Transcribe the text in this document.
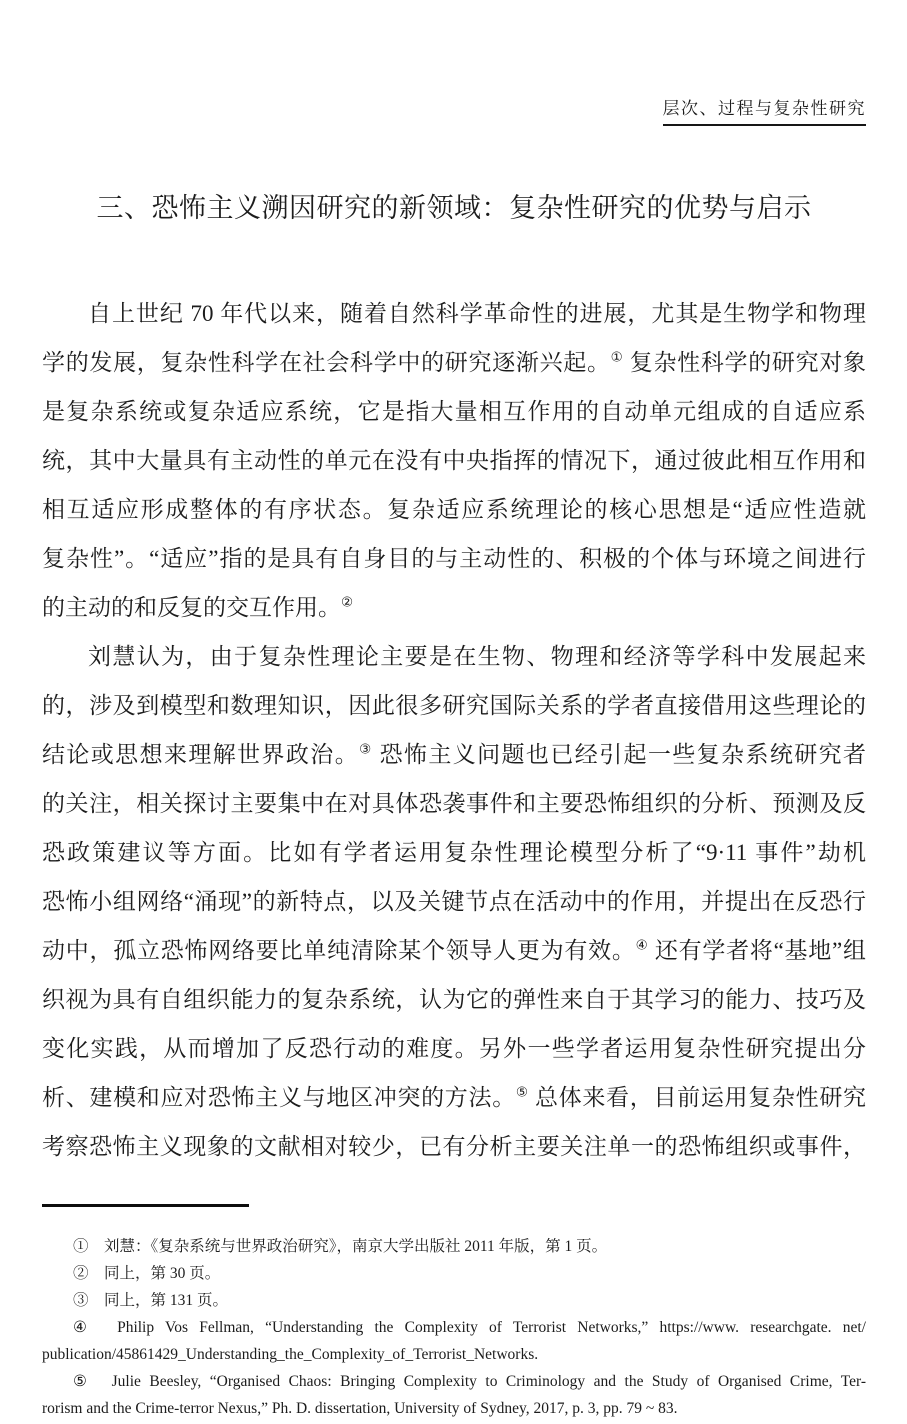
层次、过程与复杂性研究
三、恐怖主义溯因研究的新领域：复杂性研究的优势与启示
自上世纪 70 年代以来，随着自然科学革命性的进展，尤其是生物学和物理
学的发展，复杂性科学在社会科学中的研究逐渐兴起。① 复杂性科学的研究对象
是复杂系统或复杂适应系统，它是指大量相互作用的自动单元组成的自适应系
统，其中大量具有主动性的单元在没有中央指挥的情况下，通过彼此相互作用和
相互适应形成整体的有序状态。复杂适应系统理论的核心思想是“适应性造就
复杂性”。“适应”指的是具有自身目的与主动性的、积极的个体与环境之间进行
的主动的和反复的交互作用。②
刘慧认为，由于复杂性理论主要是在生物、物理和经济等学科中发展起来
的，涉及到模型和数理知识，因此很多研究国际关系的学者直接借用这些理论的
结论或思想来理解世界政治。③ 恐怖主义问题也已经引起一些复杂系统研究者
的关注，相关探讨主要集中在对具体恐袭事件和主要恐怖组织的分析、预测及反
恐政策建议等方面。比如有学者运用复杂性理论模型分析了“9·11 事件”劫机
恐怖小组网络“涌现”的新特点，以及关键节点在活动中的作用，并提出在反恐行
动中，孤立恐怖网络要比单纯清除某个领导人更为有效。④ 还有学者将“基地”组
织视为具有自组织能力的复杂系统，认为它的弹性来自于其学习的能力、技巧及
变化实践，从而增加了反恐行动的难度。另外一些学者运用复杂性研究提出分
析、建模和应对恐怖主义与地区冲突的方法。⑤ 总体来看，目前运用复杂性研究
考察恐怖主义现象的文献相对较少，已有分析主要关注单一的恐怖组织或事件，
①　刘慧：《复杂系统与世界政治研究》，南京大学出版社 2011 年版，第 1 页。
②　同上，第 30 页。
③　同上，第 131 页。
④　Philip Vos Fellman, “Understanding the Complexity of Terrorist Networks,” https://www. researchgate. net/
publication/45861429_Understanding_the_Complexity_of_Terrorist_Networks.
⑤　Julie Beesley, “Organised Chaos: Bringing Complexity to Criminology and the Study of Organised Crime, Ter-
rorism and the Crime-terror Nexus,” Ph. D. dissertation, University of Sydney, 2017, p. 3, pp. 79 ~ 83.
